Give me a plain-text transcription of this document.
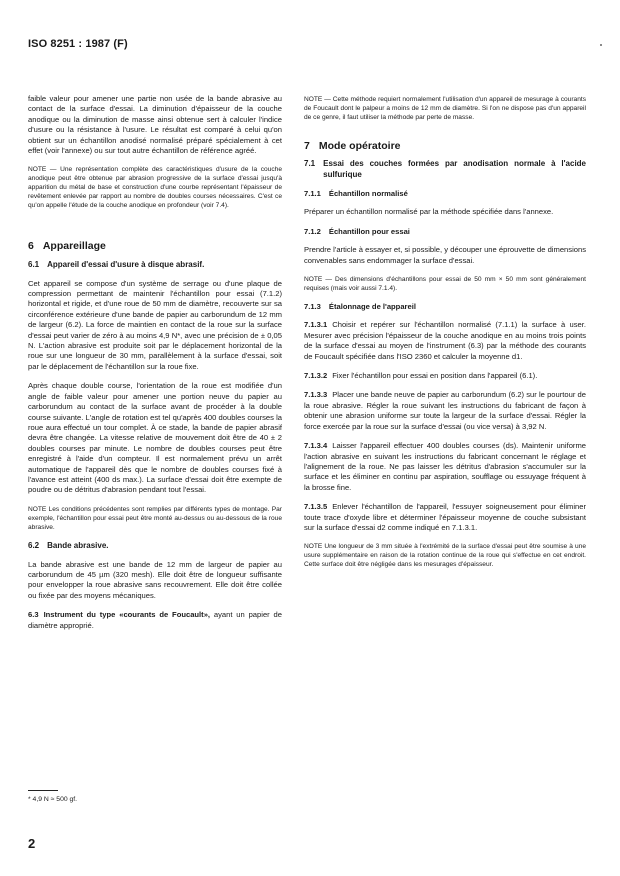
ISO 8251 : 1987 (F)

faible valeur pour amener une partie non usée de la bande abrasive au contact de la surface d'essai. La diminution d'épaisseur de la couche anodique ou la diminution de masse ainsi obtenue sert à calculer l'indice d'usure ou la résistance à l'usure. Le résultat est comparé à celui qu'on obtient sur un échantillon anodisé normalisé préparé spécialement à cet effet (voir l'annexe) ou sur tout autre échantillon de référence agréé.

NOTE — Une représentation complète des caractéristiques d'usure de la couche anodique peut être obtenue par abrasion progressive de la surface d'essai jusqu'à apparition du métal de base et construction d'une courbe représentant l'épaisseur de revêtement enlevée par rapport au nombre de doubles courses nécessaires. C'est ce qu'on appelle l'étude de la couche anodique en profondeur (voir 7.4).

6 Appareillage
6.1 Appareil d'essai d'usure à disque abrasif.

Cet appareil se compose d'un système de serrage ou d'une plaque de compression permettant de maintenir l'échantillon pour essai (7.1.2) horizontal et rigide, et d'une roue de 50 mm de diamètre, recouverte sur sa circonférence extérieure d'une bande de papier au carborundum de 12 mm de largeur (6.2). La force de maintien en contact de la roue sur la surface d'essai peut varier de zéro à au moins 4,9 N*, avec une précision de ± 0,05 N. L'action abrasive est produite soit par le déplacement horizontal de la roue sur une longueur de 30 mm, parallèlement à la surface d'essai, soit par le déplacement de l'échantillon sur la roue fixe.

Après chaque double course, l'orientation de la roue est modifiée d'un angle de faible valeur pour amener une portion neuve du papier au carborundum au contact de la surface avant de procéder à la double course suivante. L'angle de rotation est tel qu'après 400 doubles courses la roue aura effectué un tour complet. À ce stade, la bande de papier abrasif devra être changée. La vitesse relative de mouvement doit être de 40 ± 2 doubles courses par minute. Le nombre de doubles courses peut être enregistré à l'aide d'un compteur. Il est normalement prévu un arrêt automatique de l'appareil dès que le nombre de doubles courses fixé à l'avance est atteint (400 ds max.). La surface d'essai doit être exempte de poudre ou de détritus d'abrasion pendant tout l'essai.

NOTE Les conditions précédentes sont remplies par différents types de montage. Par exemple, l'échantillon pour essai peut être monté au-dessus ou au-dessous de la roue abrasive.

6.2 Bande abrasive.

La bande abrasive est une bande de 12 mm de largeur de papier au carborundum de 45 µm (320 mesh). Elle doit être de longueur suffisante pour envelopper la roue abrasive sans recouvrement. Elle doit être collée ou fixée par des moyens mécaniques.

6.3 Instrument du type «courants de Foucault», ayant un papier de diamètre approprié.

NOTE — Cette méthode requiert normalement l'utilisation d'un appareil de mesurage à courants de Foucault dont le palpeur a moins de 12 mm de diamètre. Si l'on ne dispose pas d'un appareil de ce genre, il faut utiliser la méthode par perte de masse.

7 Mode opératoire
7.1 Essai des couches formées par anodisation normale à l'acide sulfurique
7.1.1 Échantillon normalisé

Préparer un échantillon normalisé par la méthode spécifiée dans l'annexe.

7.1.2 Échantillon pour essai

Prendre l'article à essayer et, si possible, y découper une éprouvette de dimensions convenables sans endommager la surface d'essai.

NOTE — Des dimensions d'échantillons pour essai de 50 mm × 50 mm sont généralement requises (mais voir aussi 7.1.4).

7.1.3 Étalonnage de l'appareil

7.1.3.1 Choisir et repérer sur l'échantillon normalisé (7.1.1) la surface à user. Mesurer avec précision l'épaisseur de la couche anodique en au moins trois points de la surface d'essai au moyen de l'instrument (6.3) par la méthode des courants de Foucault spécifiée dans l'ISO 2360 et calculer la moyenne d1.

7.1.3.2 Fixer l'échantillon pour essai en position dans l'appareil (6.1).

7.1.3.3 Placer une bande neuve de papier au carborundum (6.2) sur le pourtour de la roue abrasive. Régler la roue suivant les instructions du fabricant de façon à obtenir une abrasion uniforme sur toute la largeur de la surface d'essai. Régler la force exercée par la roue sur la surface d'essai (ou vice versa) à 3,92 N.

7.1.3.4 Laisser l'appareil effectuer 400 doubles courses (ds). Maintenir uniforme l'action abrasive en suivant les instructions du fabricant concernant le réglage et l'alignement de la roue. Ne pas laisser les détritus d'abrasion s'accumuler sur la surface et les éliminer en continu par aspiration, soufflage ou essuyage fréquent à la brosse fine.

7.1.3.5 Enlever l'échantillon de l'appareil, l'essuyer soigneusement pour éliminer toute trace d'oxyde libre et déterminer l'épaisseur moyenne de couche subsistant sur la surface d'essai d2 comme indiqué en 7.1.3.1.

NOTE Une longueur de 3 mm située à l'extrémité de la surface d'essai peut être soumise à une usure supplémentaire en raison de la rotation continue de la roue qui s'effectue en cet endroit. Cette surface doit être négligée dans les mesurages d'épaisseur.

* 4,9 N ≈ 500 gf.
2
